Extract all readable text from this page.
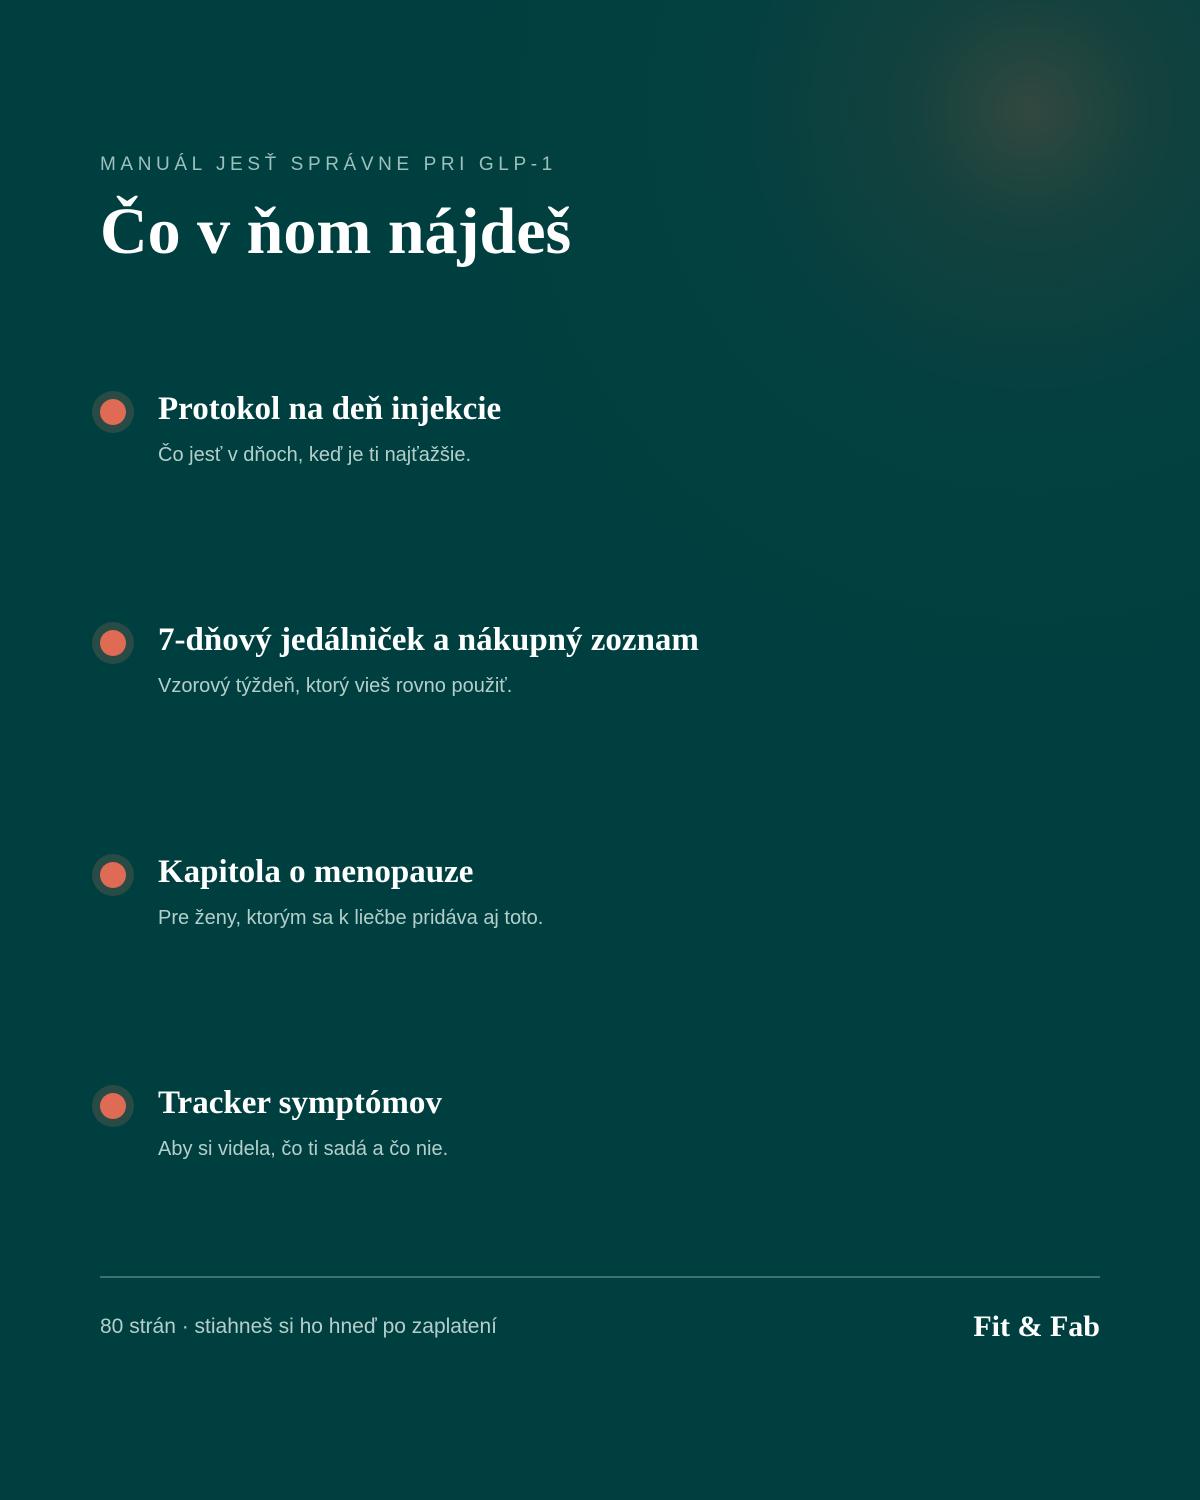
MANUÁL JESŤ SPRÁVNE PRI GLP-1
Čo v ňom nájdeš
Protokol na deň injekcie
Čo jesť v dňoch, keď je ti najťažšie.
7-dňový jedálniček a nákupný zoznam
Vzorový týždeň, ktorý vieš rovno použiť.
Kapitola o menopauze
Pre ženy, ktorým sa k liečbe pridáva aj toto.
Tracker symptómov
Aby si videla, čo ti sadá a čo nie.
80 strán · stiahneš si ho hneď po zaplatení	Fit & Fab
